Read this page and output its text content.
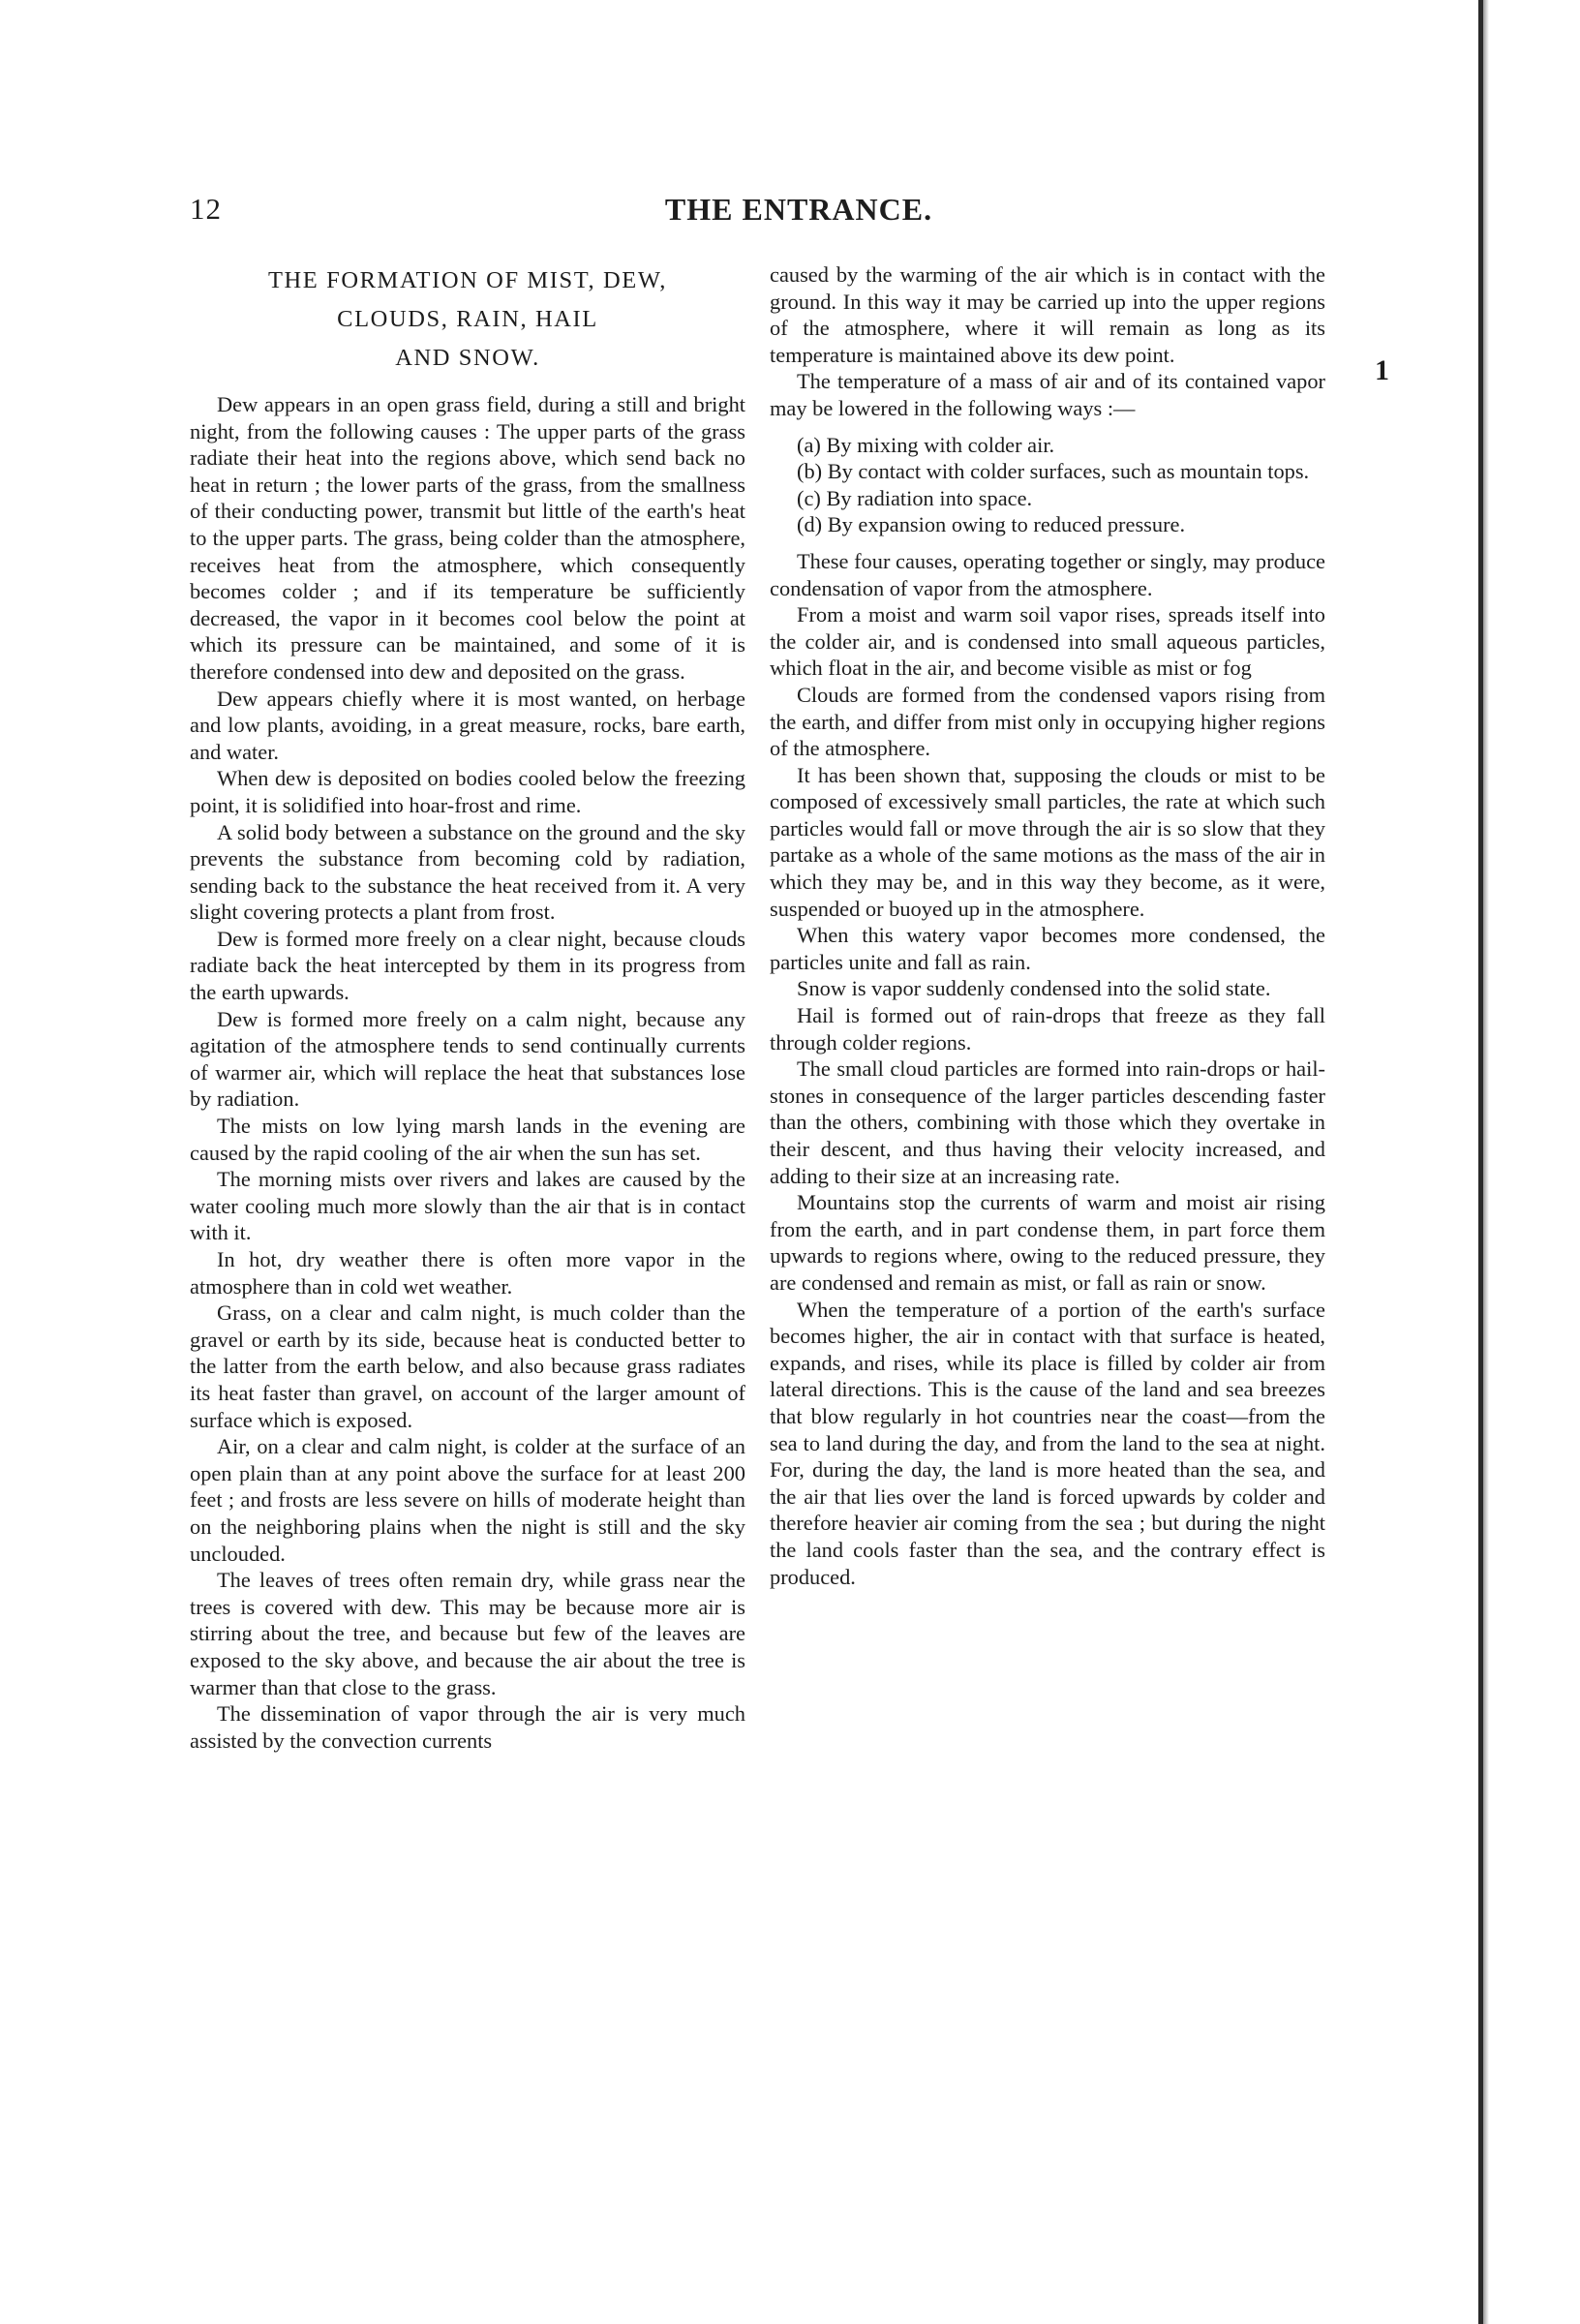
12	THE ENTRANCE.
1
THE FORMATION OF MIST, DEW,
CLOUDS, RAIN, HAIL
AND SNOW.

Dew appears in an open grass field, during a still and bright night, from the following causes : The upper parts of the grass radiate their heat into the regions above, which send back no heat in return ; the lower parts of the grass, from the smallness of their conducting power, transmit but little of the earth's heat to the upper parts. The grass, being colder than the atmosphere, receives heat from the atmosphere, which consequently becomes colder ; and if its temperature be sufficiently decreased, the vapor in it becomes cool below the point at which its pressure can be maintained, and some of it is therefore condensed into dew and deposited on the grass.

Dew appears chiefly where it is most wanted, on herbage and low plants, avoiding, in a great measure, rocks, bare earth, and water.

When dew is deposited on bodies cooled below the freezing point, it is solidified into hoar-frost and rime.

A solid body between a substance on the ground and the sky prevents the substance from becoming cold by radiation, sending back to the substance the heat received from it. A very slight covering protects a plant from frost.

Dew is formed more freely on a clear night, because clouds radiate back the heat intercepted by them in its progress from the earth upwards.

Dew is formed more freely on a calm night, because any agitation of the atmosphere tends to send continually currents of warmer air, which will replace the heat that substances lose by radiation.

The mists on low lying marsh lands in the evening are caused by the rapid cooling of the air when the sun has set.

The morning mists over rivers and lakes are caused by the water cooling much more slowly than the air that is in contact with it.

In hot, dry weather there is often more vapor in the atmosphere than in cold wet weather.

Grass, on a clear and calm night, is much colder than the gravel or earth by its side, because heat is conducted better to the latter from the earth below, and also because grass radiates its heat faster than gravel, on account of the larger amount of surface which is exposed.

Air, on a clear and calm night, is colder at the surface of an open plain than at any point above the surface for at least 200 feet ; and frosts are less severe on hills of moderate height than on the neighboring plains when the night is still and the sky unclouded.

The leaves of trees often remain dry, while grass near the trees is covered with dew. This may be because more air is stirring about the tree, and because but few of the leaves are exposed to the sky above, and because the air about the tree is warmer than that close to the grass.

The dissemination of vapor through the air is very much assisted by the convection currents

caused by the warming of the air which is in contact with the ground. In this way it may be carried up into the upper regions of the atmosphere, where it will remain as long as its temperature is maintained above its dew point.

The temperature of a mass of air and of its contained vapor may be lowered in the following ways :—

(a) By mixing with colder air.

(b) By contact with colder surfaces, such as mountain tops.

(c) By radiation into space.

(d) By expansion owing to reduced pressure.

These four causes, operating together or singly, may produce condensation of vapor from the atmosphere.

From a moist and warm soil vapor rises, spreads itself into the colder air, and is condensed into small aqueous particles, which float in the air, and become visible as mist or fog

Clouds are formed from the condensed vapors rising from the earth, and differ from mist only in occupying higher regions of the atmosphere.

It has been shown that, supposing the clouds or mist to be composed of excessively small particles, the rate at which such particles would fall or move through the air is so slow that they partake as a whole of the same motions as the mass of the air in which they may be, and in this way they become, as it were, suspended or buoyed up in the atmosphere.

When this watery vapor becomes more condensed, the particles unite and fall as rain.

Snow is vapor suddenly condensed into the solid state.

Hail is formed out of rain-drops that freeze as they fall through colder regions.

The small cloud particles are formed into rain-drops or hail-stones in consequence of the larger particles descending faster than the others, combining with those which they overtake in their descent, and thus having their velocity increased, and adding to their size at an increasing rate.

Mountains stop the currents of warm and moist air rising from the earth, and in part condense them, in part force them upwards to regions where, owing to the reduced pressure, they are condensed and remain as mist, or fall as rain or snow.

When the temperature of a portion of the earth's surface becomes higher, the air in contact with that surface is heated, expands, and rises, while its place is filled by colder air from lateral directions. This is the cause of the land and sea breezes that blow regularly in hot countries near the coast—from the sea to land during the day, and from the land to the sea at night. For, during the day, the land is more heated than the sea, and the air that lies over the land is forced upwards by colder and therefore heavier air coming from the sea ; but during the night the land cools faster than the sea, and the contrary effect is produced.
